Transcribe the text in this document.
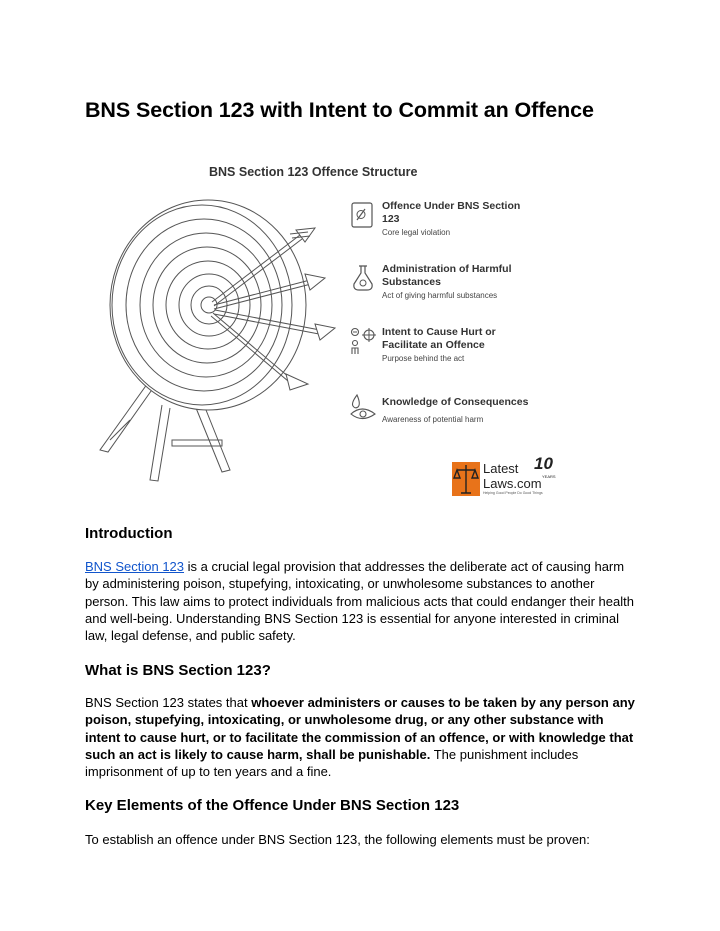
BNS Section 123 with Intent to Commit an Offence
BNS Section 123 Offence Structure
Offence Under BNS Section
123
Core legal violation
Administration of Harmful
Substances
Act of giving harmful substances
Intent to Cause Hurt or
Facilitate an Offence
Purpose behind the act
Knowledge of Consequences
Awareness of potential harm
Latest
Laws.com
10
YEARS
Helping Good People Do Good Things
Introduction

BNS Section 123 is a crucial legal provision that addresses the deliberate act of causing harm
by administering poison, stupefying, intoxicating, or unwholesome substances to another
person. This law aims to protect individuals from malicious acts that could endanger their health
and well-being. Understanding BNS Section 123 is essential for anyone interested in criminal
law, legal defense, and public safety.

What is BNS Section 123?

BNS Section 123 states that whoever administers or causes to be taken by any person any
poison, stupefying, intoxicating, or unwholesome drug, or any other substance with
intent to cause hurt, or to facilitate the commission of an offence, or with knowledge that
such an act is likely to cause harm, shall be punishable. The punishment includes
imprisonment of up to ten years and a fine.

Key Elements of the Offence Under BNS Section 123

To establish an offence under BNS Section 123, the following elements must be proven:
